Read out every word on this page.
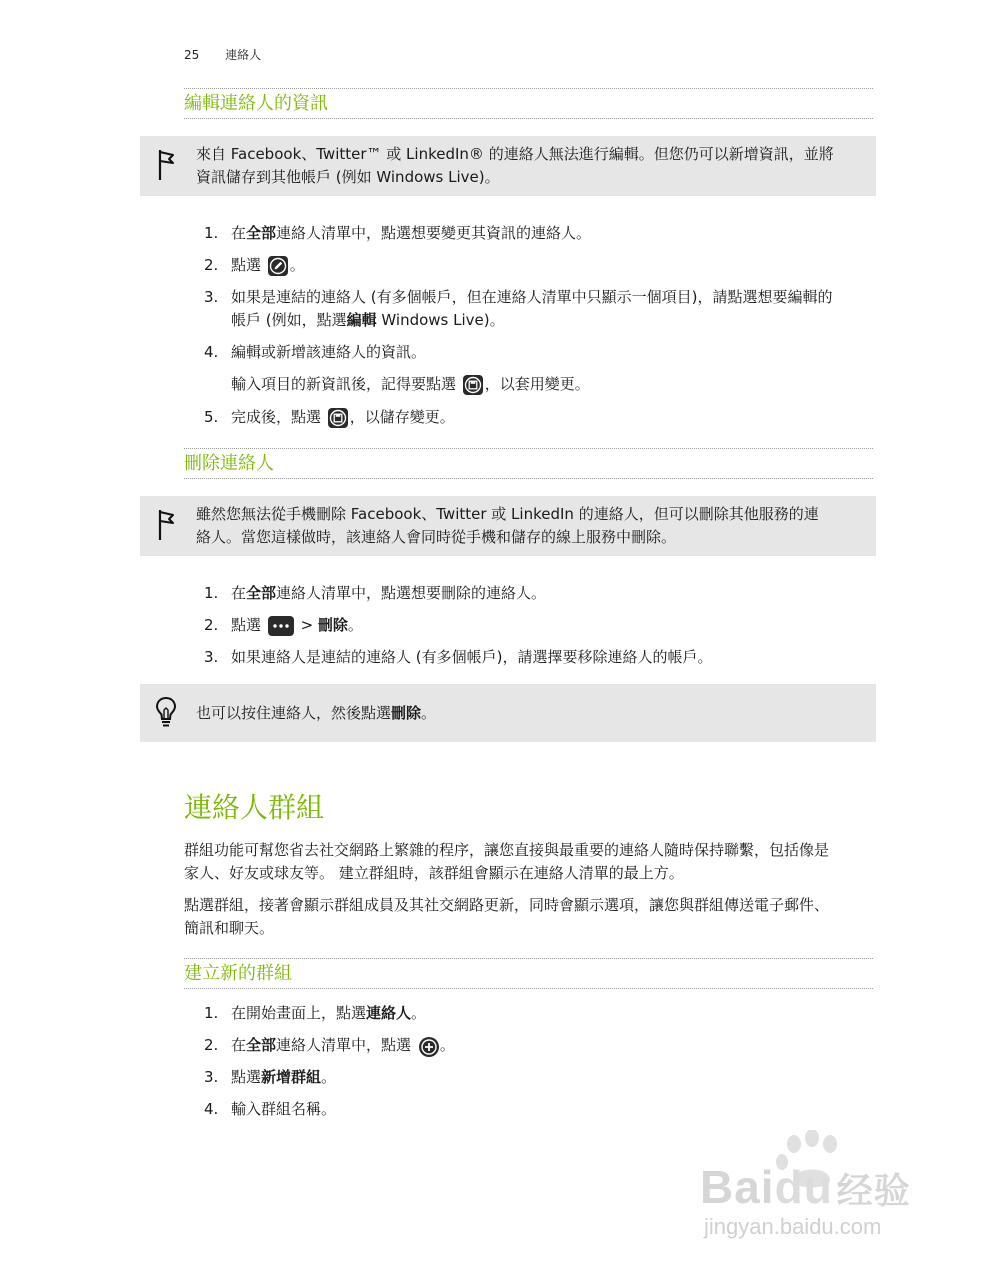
25 連絡人
編輯連絡人的資訊
來自 Facebook、Twitter™ 或 LinkedIn® 的連絡人無法進行編輯。但您仍可以新增資訊，並將
資訊儲存到其他帳戶 (例如 Windows Live)。
1. 在全部連絡人清單中，點選想要變更其資訊的連絡人。
2. 點選 。
3. 如果是連結的連絡人 (有多個帳戶，但在連絡人清單中只顯示一個項目)，請點選想要編輯的
帳戶 (例如，點選編輯 Windows Live)。
4. 編輯或新增該連絡人的資訊。
輸入項目的新資訊後，記得要點選 ，以套用變更。
5. 完成後，點選 ，以儲存變更。
刪除連絡人
雖然您無法從手機刪除 Facebook、Twitter 或 LinkedIn 的連絡人，但可以刪除其他服務的連
絡人。當您這樣做時，該連絡人會同時從手機和儲存的線上服務中刪除。
1. 在全部連絡人清單中，點選想要刪除的連絡人。
2. 點選  > 刪除。
3. 如果連絡人是連結的連絡人 (有多個帳戶)，請選擇要移除連絡人的帳戶。
也可以按住連絡人，然後點選刪除。
連絡人群組
群組功能可幫您省去社交網路上繁雜的程序，讓您直接與最重要的連絡人隨時保持聯繫，包括像是
家人、好友或球友等。 建立群組時，該群組會顯示在連絡人清單的最上方。
點選群組，接著會顯示群組成員及其社交網路更新，同時會顯示選項，讓您與群組傳送電子郵件、
簡訊和聊天。
建立新的群組
1. 在開始畫面上，點選連絡人。
2. 在全部連絡人清單中，點選 。
3. 點選新增群組。
4. 輸入群組名稱。
Baidu 经验
jingyan.baidu.com
